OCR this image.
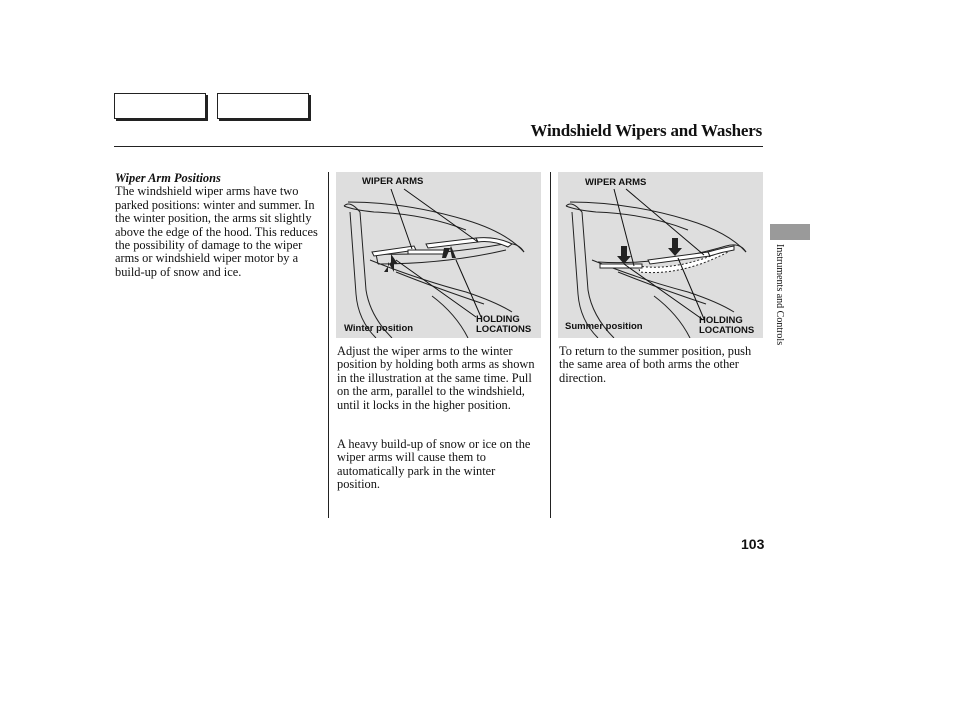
Windshield Wipers and Washers
Wiper Arm Positions
The windshield wiper arms have two parked positions: winter and summer. In the winter position, the arms sit slightly above the edge of the hood. This reduces the possibility of damage to the wiper arms or windshield wiper motor by a build-up of snow and ice.
WIPER ARMS
Winter position
HOLDING
LOCATIONS
WIPER ARMS
Summer position
HOLDING
LOCATIONS
Adjust the wiper arms to the winter position by holding both arms as shown in the illustration at the same time. Pull on the arm, parallel to the windshield, until it locks in the higher position.
A heavy build-up of snow or ice on the wiper arms will cause them to automatically park in the winter position.
To return to the summer position, push the same area of both arms the other direction.
Instruments and Controls
103
